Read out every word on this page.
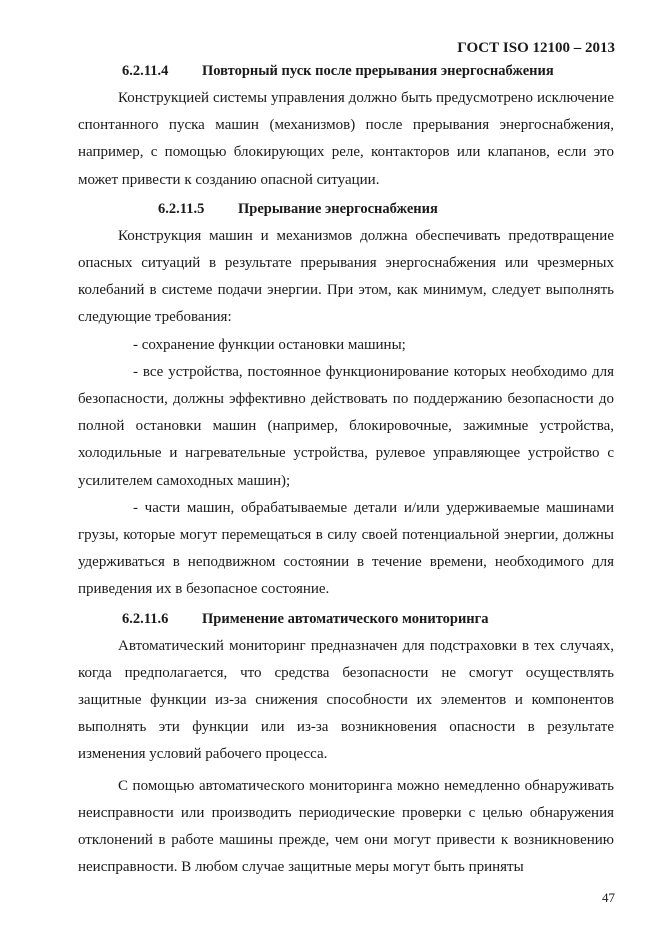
ГОСТ ISO 12100 – 2013
6.2.11.4 Повторный пуск после прерывания энергоснабжения

Конструкцией системы управления должно быть предусмотрено исключение спонтанного пуска машин (механизмов) после прерывания энергоснабжения, например, с помощью блокирующих реле, контакторов или клапанов, если это может привести к созданию опасной ситуации.

6.2.11.5 Прерывание энергоснабжения

Конструкция машин и механизмов должна обеспечивать предотвращение опасных ситуаций в результате прерывания энергоснабжения или чрезмерных колебаний в системе подачи энергии. При этом, как минимум, следует выполнять следующие требования:

- сохранение функции остановки машины;

- все устройства, постоянное функционирование которых необходимо для безопасности, должны эффективно действовать по поддержанию безопасности до полной остановки машин (например, блокировочные, зажимные устройства, холодильные и нагревательные устройства, рулевое управляющее устройство с усилителем самоходных машин);

- части машин, обрабатываемые детали и/или удерживаемые машинами грузы, которые могут перемещаться в силу своей потенциальной энергии, должны удерживаться в неподвижном состоянии в течение времени, необходимого для приведения их в безопасное состояние.

6.2.11.6 Применение автоматического мониторинга

Автоматический мониторинг предназначен для подстраховки в тех случаях, когда предполагается, что средства безопасности не смогут осуществлять защитные функции из-за снижения способности их элементов и компонентов выполнять эти функции или из-за возникновения опасности в результате изменения условий рабочего процесса.

С помощью автоматического мониторинга можно немедленно обнаруживать неисправности или производить периодические проверки с целью обнаружения отклонений в работе машины прежде, чем они могут привести к возникновению неисправности. В любом случае защитные меры могут быть приняты

47
